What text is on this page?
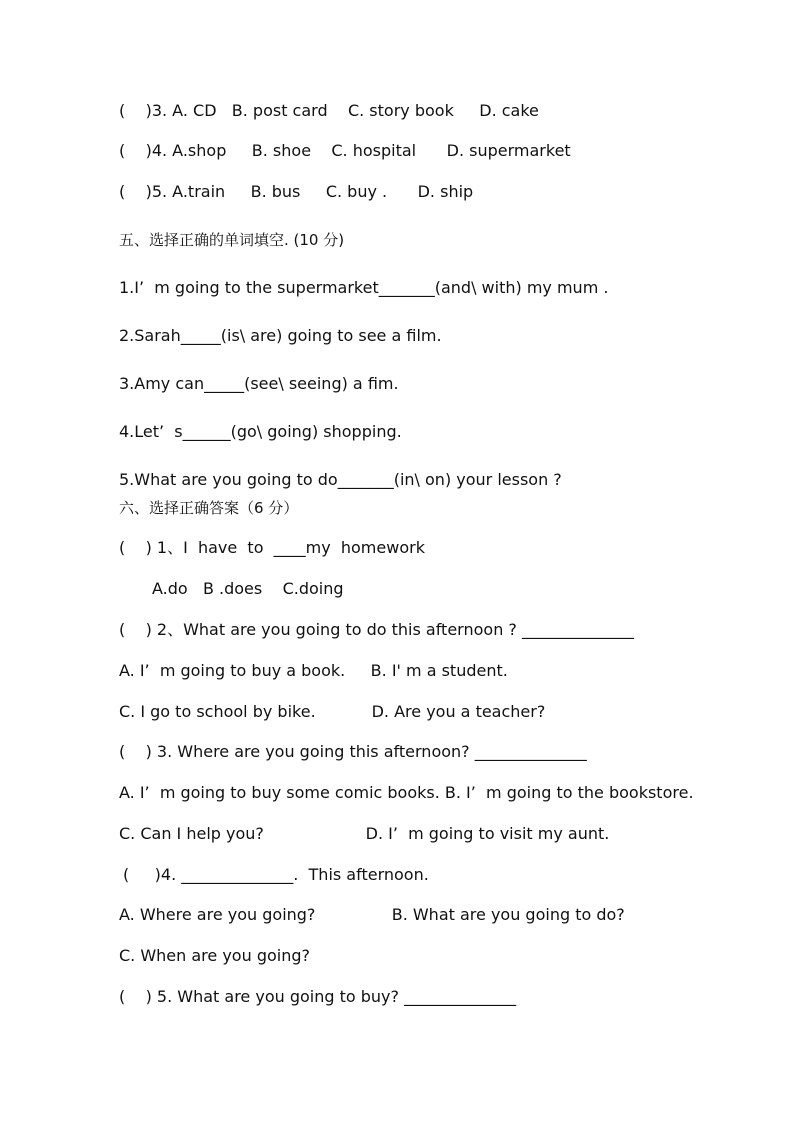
(    )3. A. CD   B. post card    C. story book     D. cake
(    )4. A.shop     B. shoe    C. hospital      D. supermarket
(    )5. A.train     B. bus     C. buy .      D. ship
五、选择正确的单词填空. (10 分)
1.I’  m going to the supermarket_______(and\ with) my mum .
2.Sarah_____(is\ are) going to see a film.
3.Amy can_____(see\ seeing) a fim.
4.Let’  s______(go\ going) shopping.
5.What are you going to do_______(in\ on) your lesson ?
六、选择正确答案（6 分）
(    ) 1、I  have  to  ____my  homework
A.do   B .does    C.doing
(    ) 2、What are you going to do this afternoon ? ______________
A. I’  m going to buy a book.     B. I' m a student.
C. I go to school by bike.           D. Are you a teacher?
(    ) 3. Where are you going this afternoon? ______________
A. I’  m going to buy some comic books. B. I’  m going to the bookstore.
C. Can I help you?                    D. I’  m going to visit my aunt.
(     )4. ______________.  This afternoon.
A. Where are you going?               B. What are you going to do?
C. When are you going?
(    ) 5. What are you going to buy? ______________
